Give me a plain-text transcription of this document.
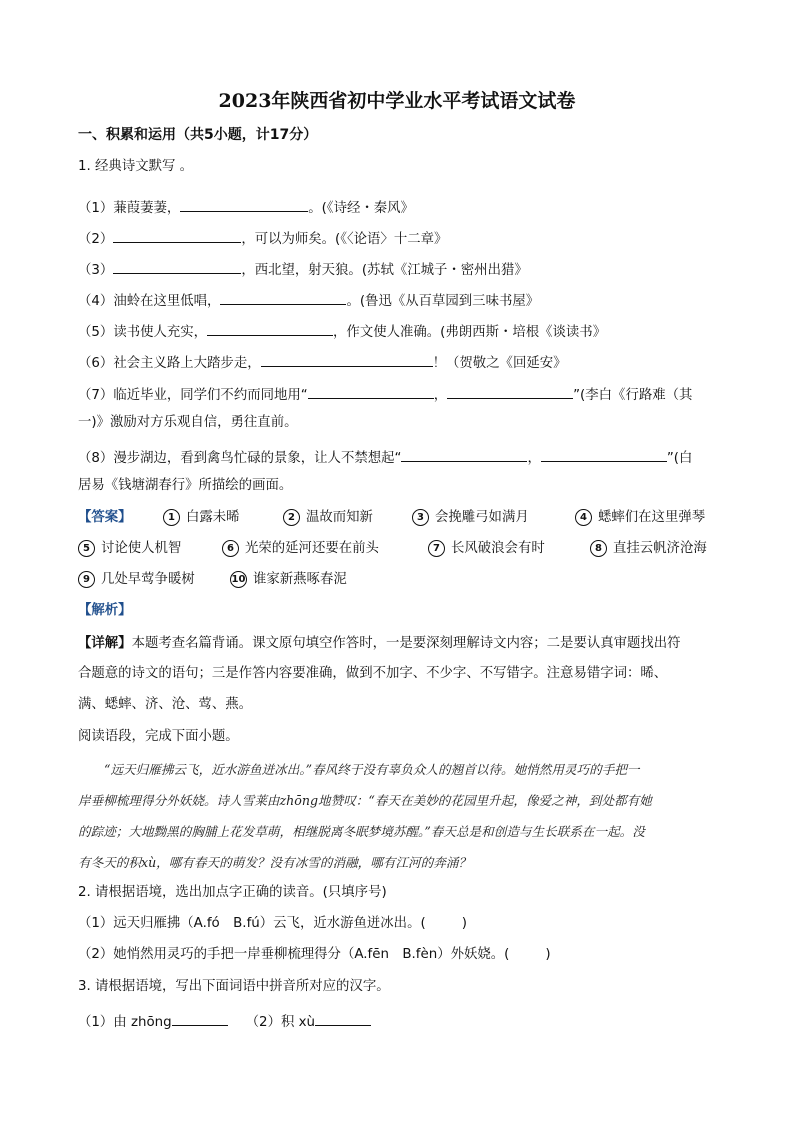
2023年陕西省初中学业水平考试语文试卷
一、积累和运用（共5小题，计17分）
1. 经典诗文默写 。
（1）蒹葭萋萋，	。(《诗经・秦风》
（2）	，可以为师矣。(《〈论语〉十二章》
（3）	，西北望，射天狼。(苏轼《江城子・密州出猎》
（4）油蛉在这里低唱，	。(鲁迅《从百草园到三味书屋》
（5）读书使人充实，	，作文使人准确。(弗朗西斯・培根《谈读书》
（6）社会主义路上大踏步走，	！（贺敬之《回延安》
（7）临近毕业，同学们不约而同地用“	，	”(李白《行路难（其
一)》激励对方乐观自信，勇往直前。
（8）漫步湖边，看到禽鸟忙碌的景象，让人不禁想起“	，	”(白
居易《钱塘湖春行》所描绘的画面。
【答案】	1 白露未晞	2 温故而知新	3 会挽雕弓如满月	4 蟋蟀们在这里弹琴
5 讨论使人机智	6 光荣的延河还要在前头	7 长风破浪会有时	8 直挂云帆济沧海
9 几处早莺争暖树	10 谁家新燕啄春泥
【解析】
【详解】本题考查名篇背诵。课文原句填空作答时，一是要深刻理解诗文内容；二是要认真审题找出符
合题意的诗文的语句；三是作答内容要准确，做到不加字、不少字、不写错字。注意易错字词：晞、
满、蟋蟀、济、沧、莺、燕。
阅读语段，完成下面小题。
“远天归雁拂云飞，近水游鱼迸冰出。”春风终于没有辜负众人的翘首以待。她悄然用灵巧的手把一
岸垂柳梳理得分外妖娆。诗人雪莱由zhōng地赞叹：“春天在美妙的花园里升起，像爱之神，到处都有她
的踪迹；大地黝黑的胸脯上花发草萌，相继脱离冬眠梦境苏醒。”春天总是和创造与生长联系在一起。没
有冬天的积xù，哪有春天的萌发？没有冰雪的消融，哪有江河的奔涌？
2. 请根据语境，选出加点字正确的读音。(只填序号)
（1）远天归雁拂（A.fó　B.fú）云飞，近水游鱼迸冰出。(	)
（2）她悄然用灵巧的手把一岸垂柳梳理得分（A.fēn　B.fèn）外妖娆。(	)
3. 请根据语境，写出下面词语中拼音所对应的汉字。
（1）由 zhōng	（2）积 xù
